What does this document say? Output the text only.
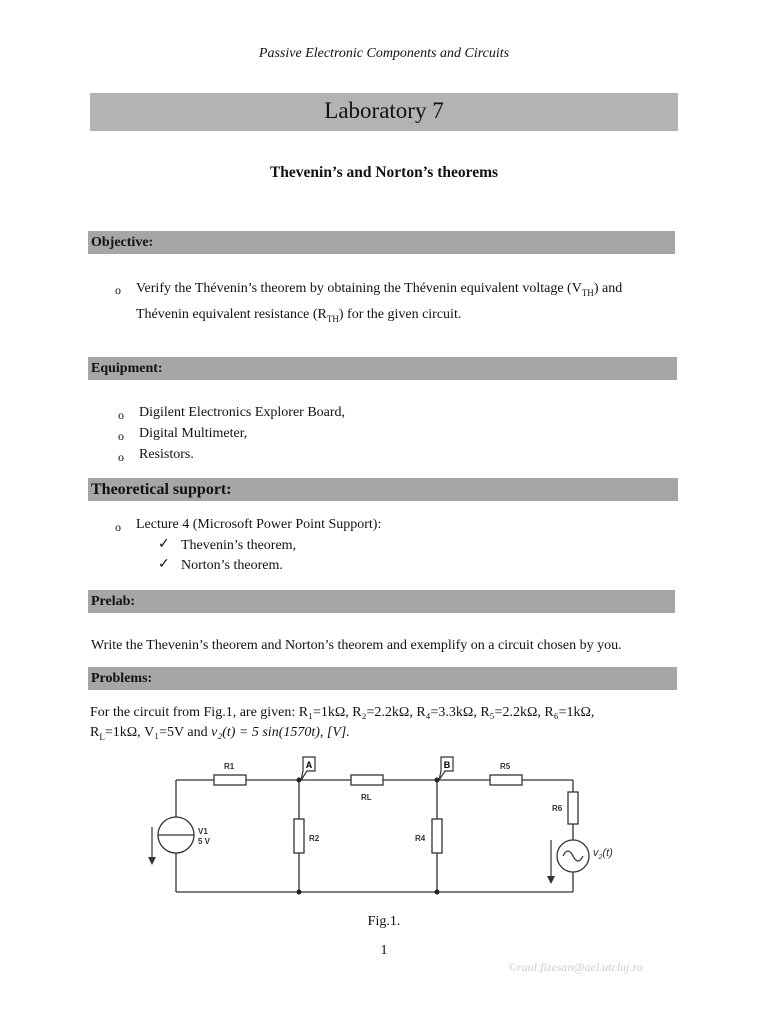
Passive Electronic Components and Circuits
Laboratory 7
Thevenin’s and Norton’s theorems
Objective:
o Verify the Thévenin’s theorem by obtaining the Thévenin equivalent voltage $(V_{TH})$ and
Thévenin equivalent resistance $(R_{TH})$ for the given circuit.
Equipment:
o Digilent Electronics Explorer Board,
o Digital Multimeter,
o Resistors.
Theoretical support:
o Lecture 4 (Microsoft Power Point Support):
✓ Thevenin’s theorem,
✓ Norton’s theorem.
Prelab:
Write the Thevenin’s theorem and Norton’s theorem and exemplify on a circuit chosen by you.
Problems:
For the circuit from Fig.1, are given: R₁=1kΩ, R₂=2.2kΩ, R₄=3.3kΩ, R₅=2.2kΩ, R₆=1kΩ,
$R_L=1k\Omega$, V₁=5V and v₂(t) = 5 sin(1570t), [V].
A	B
R1
RL
R5
R2	R4
R6
V1
5 V
$v_2(t)$
Fig.1.
1
©raul.fizesan@ael.utcluj.ro
